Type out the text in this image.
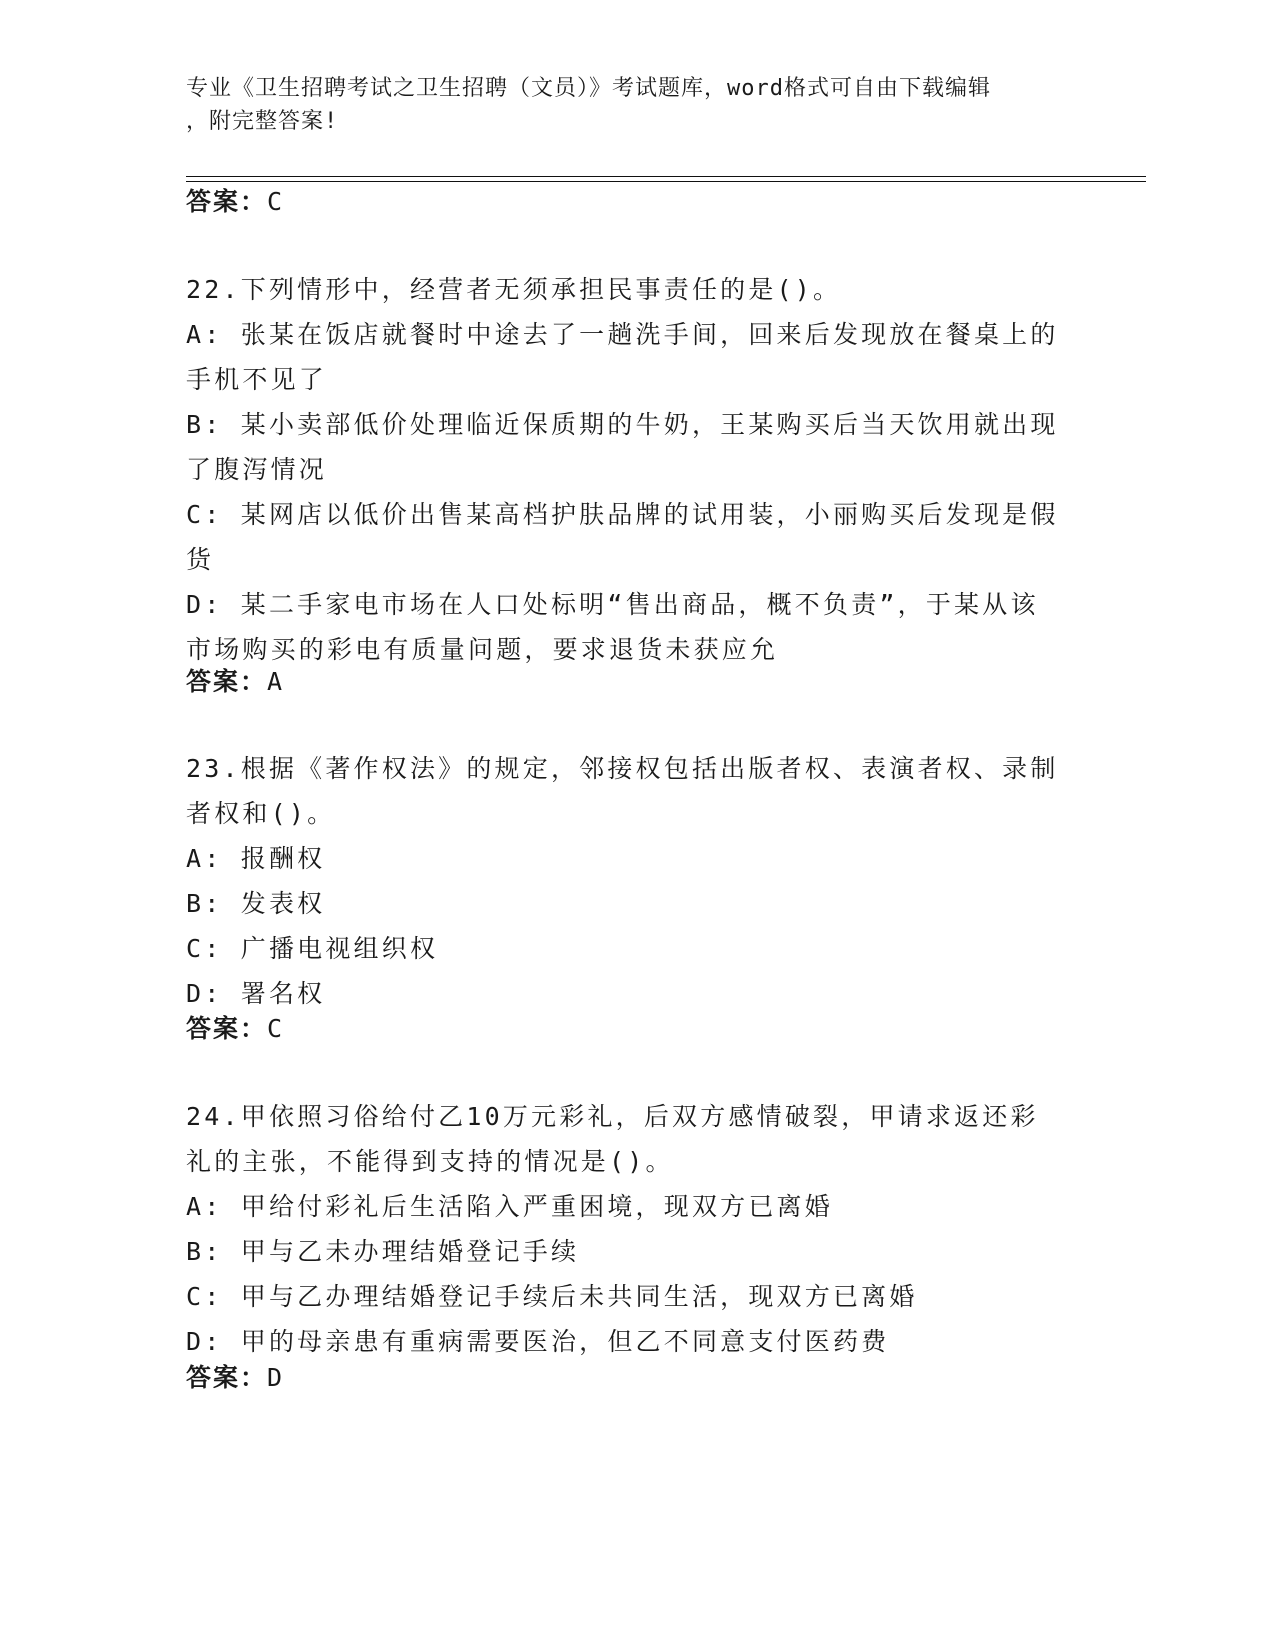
专业《卫生招聘考试之卫生招聘（文员）》考试题库，word格式可自由下载编辑
，附完整答案!
答案：C

22.下列情形中，经营者无须承担民事责任的是()。

A: 张某在饭店就餐时中途去了一趟洗手间，回来后发现放在餐桌上的手机不见了

B: 某小卖部低价处理临近保质期的牛奶，王某购买后当天饮用就出现了腹泻情况

C: 某网店以低价出售某高档护肤品牌的试用装，小丽购买后发现是假货

D: 某二手家电市场在人口处标明“售出商品，概不负责”，于某从该市场购买的彩电有质量问题，要求退货未获应允

答案：A

23.根据《著作权法》的规定，邻接权包括出版者权、表演者权、录制者权和()。

A: 报酬权

B: 发表权

C: 广播电视组织权

D: 署名权

答案：C

24.甲依照习俗给付乙10万元彩礼，后双方感情破裂，甲请求返还彩礼的主张，不能得到支持的情况是()。

A: 甲给付彩礼后生活陷入严重困境，现双方已离婚

B: 甲与乙未办理结婚登记手续

C: 甲与乙办理结婚登记手续后未共同生活，现双方已离婚

D: 甲的母亲患有重病需要医治，但乙不同意支付医药费

答案：D
